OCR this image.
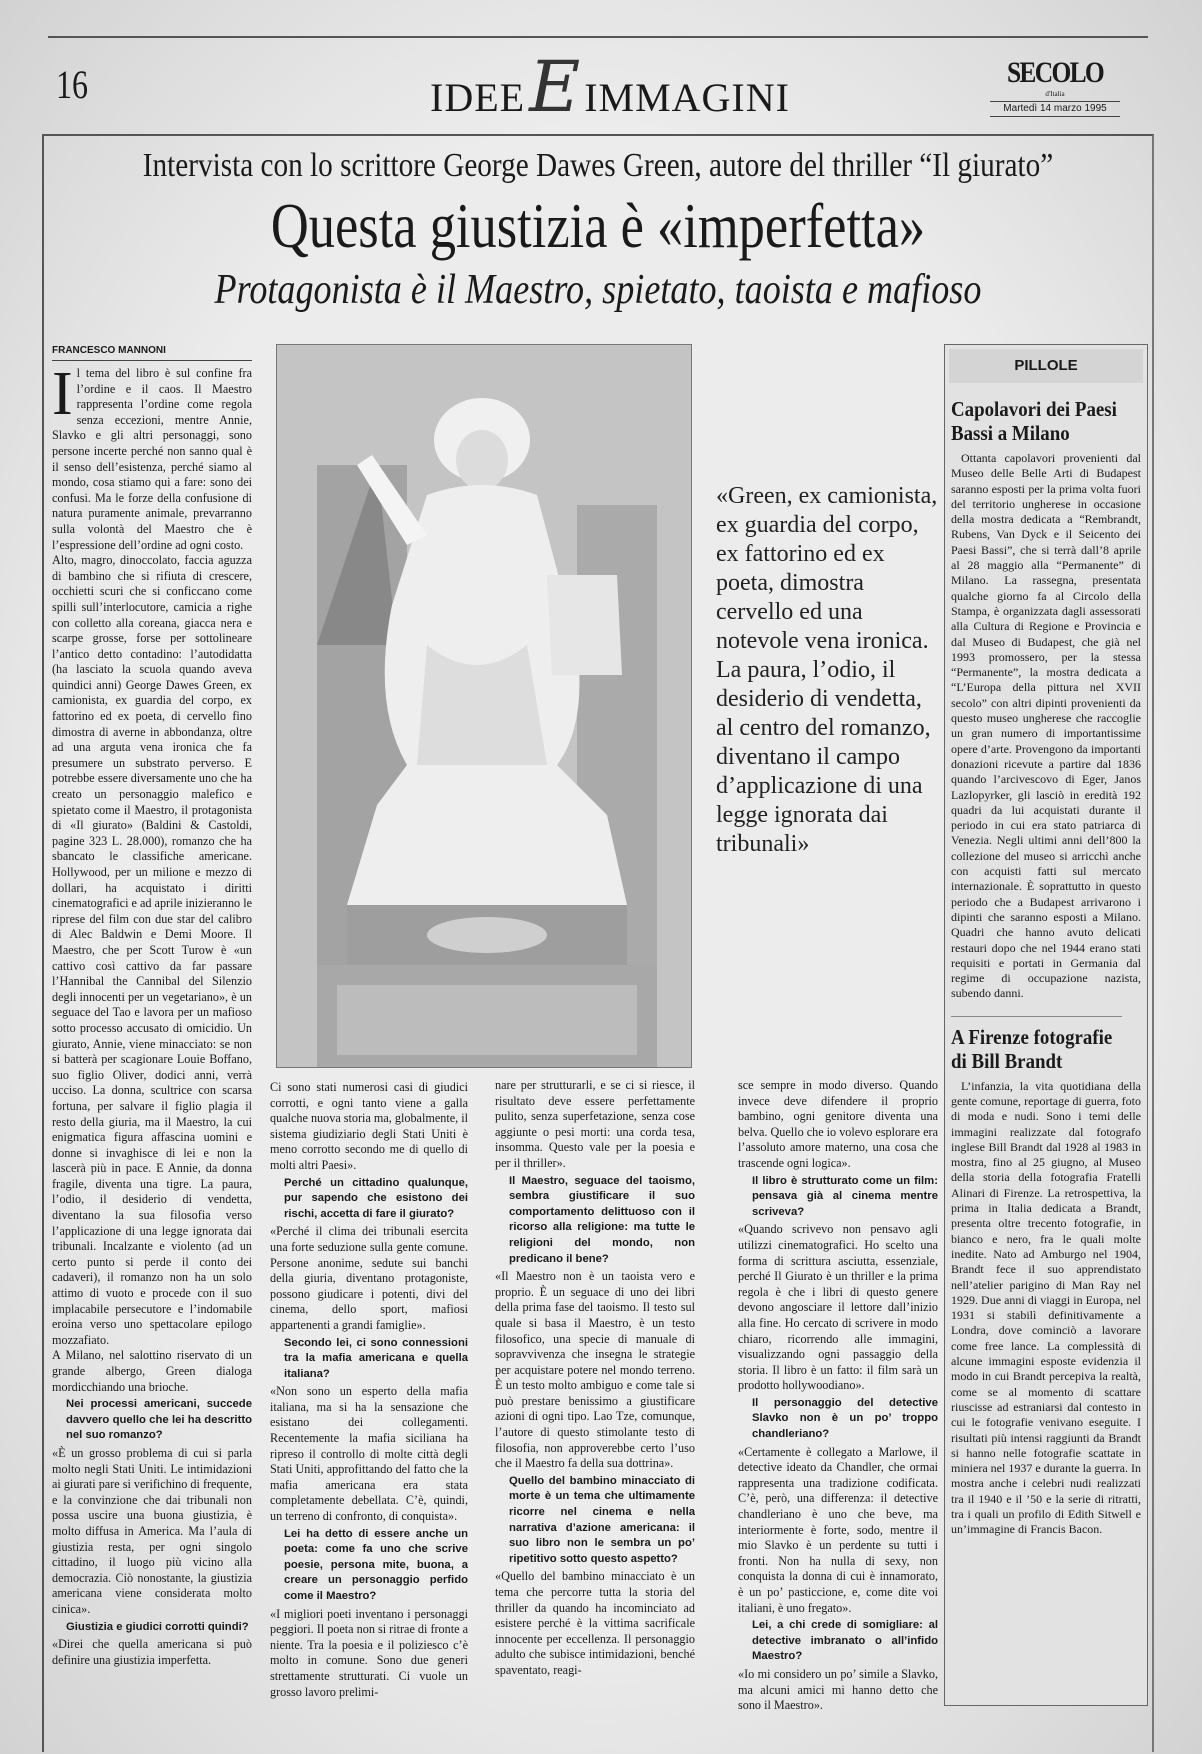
16	IDEE E IMMAGINI
SECOLO
d'Italia
Martedì 14 marzo 1995
Intervista con lo scrittore George Dawes Green, autore del thriller “Il giurato”
Questa giustizia è «imperfetta»
Protagonista è il Maestro, spietato, taoista e mafioso
FRANCESCO MANNONI

Il tema del libro è sul confine fra l’ordine e il caos. Il Maestro rappresenta l’ordine come regola senza eccezioni, mentre Annie, Slavko e gli altri personaggi, sono persone incerte perché non sanno qual è il senso dell’esistenza, perché siamo al mondo, cosa stiamo qui a fare: sono dei confusi. Ma le forze della confusione di natura puramente animale, prevarranno sulla volontà del Maestro che è l’espressione dell’ordine ad ogni costo.

Alto, magro, dinoccolato, faccia aguzza di bambino che si rifiuta di crescere, occhietti scuri che si conficcano come spilli sull’interlocutore, camicia a righe con colletto alla coreana, giacca nera e scarpe grosse, forse per sottolineare l’antico detto contadino: l’autodidatta (ha lasciato la scuola quando aveva quindici anni) George Dawes Green, ex camionista, ex guardia del corpo, ex fattorino ed ex poeta, di cervello fino dimostra di averne in abbondanza, oltre ad una arguta vena ironica che fa presumere un substrato perverso. E potrebbe essere diversamente uno che ha creato un personaggio malefico e spietato come il Maestro, il protagonista di «Il giurato» (Baldini & Castoldi, pagine 323 L. 28.000), romanzo che ha sbancato le classifiche americane. Hollywood, per un milione e mezzo di dollari, ha acquistato i diritti cinematografici e ad aprile inizieranno le riprese del film con due star del calibro di Alec Baldwin e Demi Moore. Il Maestro, che per Scott Turow è «un cattivo così cattivo da far passare l’Hannibal the Cannibal del Silenzio degli innocenti per un vegetariano», è un seguace del Tao e lavora per un mafioso sotto processo accusato di omicidio. Un giurato, Annie, viene minacciato: se non si batterà per scagionare Louie Boffano, suo figlio Oliver, dodici anni, verrà ucciso. La donna, scultrice con scarsa fortuna, per salvare il figlio plagia il resto della giuria, ma il Maestro, la cui enigmatica figura affascina uomini e donne si invaghisce di lei e non la lascerà più in pace. E Annie, da donna fragile, diventa una tigre. La paura, l’odio, il desiderio di vendetta, diventano la sua filosofia verso l’applicazione di una legge ignorata dai tribunali. Incalzante e violento (ad un certo punto si perde il conto dei cadaveri), il romanzo non ha un solo attimo di vuoto e procede con il suo implacabile persecutore e l’indomabile eroina verso uno spettacolare epilogo mozzafiato.

A Milano, nel salottino riservato di un grande albergo, Green dialoga mordicchiando una brioche.

Nei processi americani, succede davvero quello che lei ha descritto nel suo romanzo?

«È un grosso problema di cui si parla molto negli Stati Uniti. Le intimidazioni ai giurati pare si verifichino di frequente, e la convinzione che dai tribunali non possa uscire una buona giustizia, è molto diffusa in America. Ma l’aula di giustizia resta, per ogni singolo cittadino, il luogo più vicino alla democrazia. Ciò nonostante, la giustizia americana viene considerata molto cinica».

Giustizia e giudici corrotti quindi?

«Direi che quella americana si può definire una giustizia imperfetta.

«Green, ex camionista, ex guardia del corpo, ex fattorino ed ex poeta, dimostra cervello ed una notevole vena ironica.

La paura, l’odio, il desiderio di vendetta, al centro del romanzo, diventano il campo d’applicazione di una legge ignorata dai tribunali»

PILLOLE
Capolavori dei Paesi Bassi a Milano

Ottanta capolavori provenienti dal Museo delle Belle Arti di Budapest saranno esposti per la prima volta fuori del territorio ungherese in occasione della mostra dedicata a “Rembrandt, Rubens, Van Dyck e il Seicento dei Paesi Bassi”, che si terrà dall’8 aprile al 28 maggio alla “Permanente” di Milano. La rassegna, presentata qualche giorno fa al Circolo della Stampa, è organizzata dagli assessorati alla Cultura di Regione e Provincia e dal Museo di Budapest, che già nel 1993 promossero, per la stessa “Permanente”, la mostra dedicata a “L’Europa della pittura nel XVII secolo” con altri dipinti provenienti da questo museo ungherese che raccoglie un gran numero di importantissime opere d’arte. Provengono da importanti donazioni ricevute a partire dal 1836 quando l’arcivescovo di Eger, Janos Lazlopyrker, gli lasciò in eredità 192 quadri da lui acquistati durante il periodo in cui era stato patriarca di Venezia. Negli ultimi anni dell’800 la collezione del museo si arricchì anche con acquisti fatti sul mercato internazionale. È soprattutto in questo periodo che a Budapest arrivarono i dipinti che saranno esposti a Milano. Quadri che hanno avuto delicati restauri dopo che nel 1944 erano stati requisiti e portati in Germania dal regime di occupazione nazista, subendo danni.

A Firenze fotografie di Bill Brandt

L’infanzia, la vita quotidiana della gente comune, reportage di guerra, foto di moda e nudi. Sono i temi delle immagini realizzate dal fotografo inglese Bill Brandt dal 1928 al 1983 in mostra, fino al 25 giugno, al Museo della storia della fotografia Fratelli Alinari di Firenze. La retrospettiva, la prima in Italia dedicata a Brandt, presenta oltre trecento fotografie, in bianco e nero, fra le quali molte inedite. Nato ad Amburgo nel 1904, Brandt fece il suo apprendistato nell’atelier parigino di Man Ray nel 1929. Due anni di viaggi in Europa, nel 1931 si stabilì definitivamente a Londra, dove cominciò a lavorare come free lance. La complessità di alcune immagini esposte evidenzia il modo in cui Brandt percepiva la realtà, come se al momento di scattare riuscisse ad estraniarsi dal contesto in cui le fotografie venivano eseguite. I risultati più intensi raggiunti da Brandt si hanno nelle fotografie scattate in miniera nel 1937 e durante la guerra. In mostra anche i celebri nudi realizzati tra il 1940 e il ’50 e la serie di ritratti, tra i quali un profilo di Edith Sitwell e un’immagine di Francis Bacon.

Ci sono stati numerosi casi di giudici corrotti, e ogni tanto viene a galla qualche nuova storia ma, globalmente, il sistema giudiziario degli Stati Uniti è meno corrotto secondo me di quello di molti altri Paesi».

Perché un cittadino qualunque, pur sapendo che esistono dei rischi, accetta di fare il giurato?

«Perché il clima dei tribunali esercita una forte seduzione sulla gente comune. Persone anonime, sedute sui banchi della giuria, diventano protagoniste, possono giudicare i potenti, divi del cinema, dello sport, mafiosi appartenenti a grandi famiglie».

Secondo lei, ci sono connessioni tra la mafia americana e quella italiana?

«Non sono un esperto della mafia italiana, ma si ha la sensazione che esistano dei collegamenti. Recentemente la mafia siciliana ha ripreso il controllo di molte città degli Stati Uniti, approfittando del fatto che la mafia americana era stata completamente debellata. C’è, quindi, un terreno di confronto, di conquista».

Lei ha detto di essere anche un poeta: come fa uno che scrive poesie, persona mite, buona, a creare un personaggio perfido come il Maestro?

«I migliori poeti inventano i personaggi peggiori. Il poeta non si ritrae di fronte a niente. Tra la poesia e il poliziesco c’è molto in comune. Sono due generi strettamente strutturati. Ci vuole un grosso lavoro prelimi-

nare per strutturarli, e se ci si riesce, il risultato deve essere perfettamente pulito, senza superfetazione, senza cose aggiunte o pesi morti: una corda tesa, insomma. Questo vale per la poesia e per il thriller».

Il Maestro, seguace del taoismo, sembra giustificare il suo comportamento delittuoso con il ricorso alla religione: ma tutte le religioni del mondo, non predicano il bene?

«Il Maestro non è un taoista vero e proprio. È un seguace di uno dei libri della prima fase del taoismo. Il testo sul quale si basa il Maestro, è un testo filosofico, una specie di manuale di sopravvivenza che insegna le strategie per acquistare potere nel mondo terreno. È un testo molto ambiguo e come tale si può prestare benissimo a giustificare azioni di ogni tipo. Lao Tze, comunque, l’autore di questo stimolante testo di filosofia, non approverebbe certo l’uso che il Maestro fa della sua dottrina».

Quello del bambino minacciato di morte è un tema che ultimamente ricorre nel cinema e nella narrativa d’azione americana: il suo libro non le sembra un po’ ripetitivo sotto questo aspetto?

«Quello del bambino minacciato è un tema che percorre tutta la storia del thriller da quando ha incominciato ad esistere perché è la vittima sacrificale innocente per eccellenza. Il personaggio adulto che subisce intimidazioni, benché spaventato, reagi-

sce sempre in modo diverso. Quando invece deve difendere il proprio bambino, ogni genitore diventa una belva. Quello che io volevo esplorare era l’assoluto amore materno, una cosa che trascende ogni logica».

Il libro è strutturato come un film: pensava già al cinema mentre scriveva?

«Quando scrivevo non pensavo agli utilizzi cinematografici. Ho scelto una forma di scrittura asciutta, essenziale, perché Il Giurato è un thriller e la prima regola è che i libri di questo genere devono angosciare il lettore dall’inizio alla fine. Ho cercato di scrivere in modo chiaro, ricorrendo alle immagini, visualizzando ogni passaggio della storia. Il libro è un fatto: il film sarà un prodotto hollywoodiano».

Il personaggio del detective Slavko non è un po’ troppo chandleriano?

«Certamente è collegato a Marlowe, il detective ideato da Chandler, che ormai rappresenta una tradizione codificata. C’è, però, una differenza: il detective chandleriano è uno che beve, ma interiormente è forte, sodo, mentre il mio Slavko è un perdente su tutti i fronti. Non ha nulla di sexy, non conquista la donna di cui è innamorato, è un po’ pasticcione, e, come dite voi italiani, è uno fregato».

Lei, a chi crede di somigliare: al detective imbranato o all’infido Maestro?

«Io mi considero un po’ simile a Slavko, ma alcuni amici mi hanno detto che sono il Maestro».
